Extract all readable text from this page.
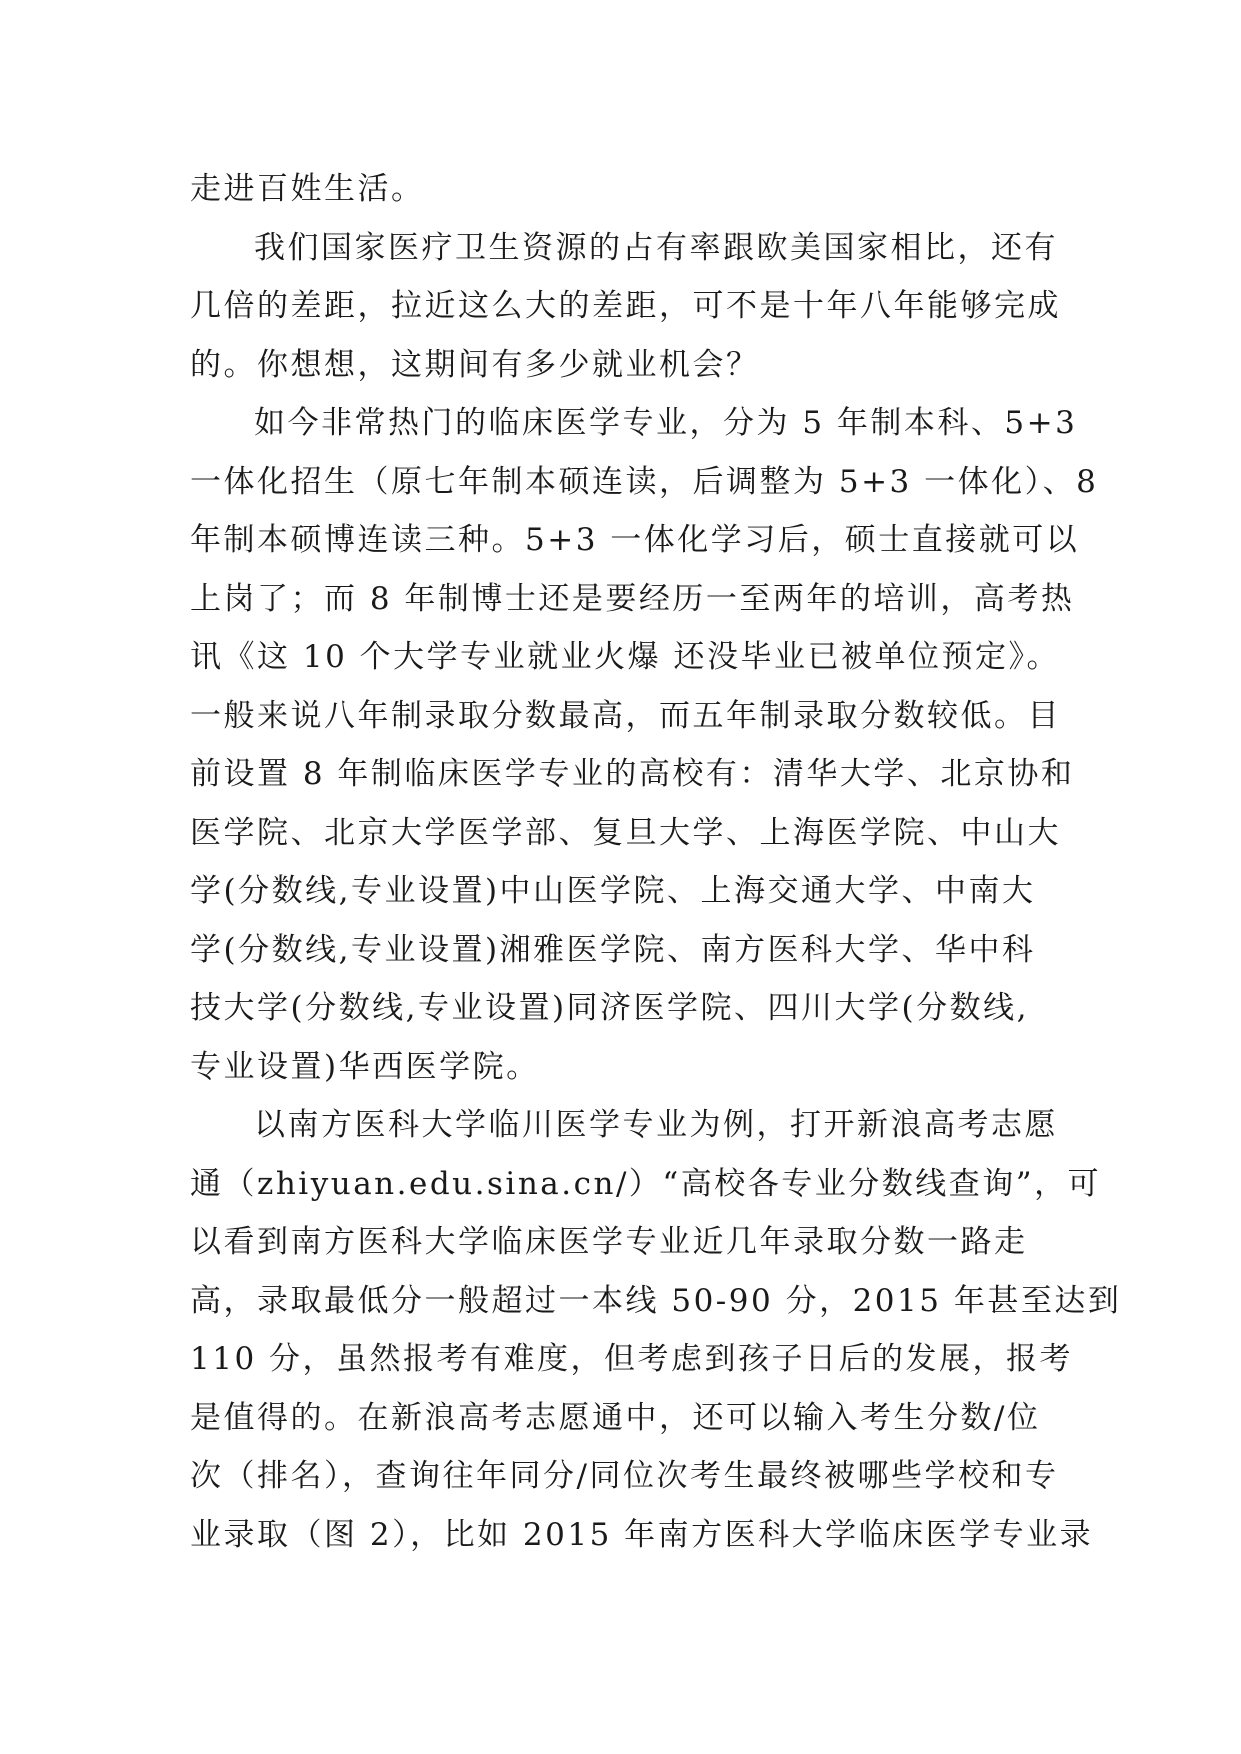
走进百姓生活。
我们国家医疗卫生资源的占有率跟欧美国家相比，还有
几倍的差距，拉近这么大的差距，可不是十年八年能够完成
的。你想想，这期间有多少就业机会？
如今非常热门的临床医学专业，分为 5 年制本科、5+3
一体化招生（原七年制本硕连读，后调整为 5+3 一体化）、8
年制本硕博连读三种。5+3 一体化学习后，硕士直接就可以
上岗了；而 8 年制博士还是要经历一至两年的培训，高考热
讯《这 10 个大学专业就业火爆 还没毕业已被单位预定》。
一般来说八年制录取分数最高，而五年制录取分数较低。目
前设置 8 年制临床医学专业的高校有：清华大学、北京协和
医学院、北京大学医学部、复旦大学、上海医学院、中山大
学(分数线,专业设置)中山医学院、上海交通大学、中南大
学(分数线,专业设置)湘雅医学院、南方医科大学、华中科
技大学(分数线,专业设置)同济医学院、四川大学(分数线,
专业设置)华西医学院。
以南方医科大学临川医学专业为例，打开新浪高考志愿
通（zhiyuan.edu.sina.cn/）“高校各专业分数线查询”，可
以看到南方医科大学临床医学专业近几年录取分数一路走
高，录取最低分一般超过一本线 50-90 分，2015 年甚至达到
110 分，虽然报考有难度，但考虑到孩子日后的发展，报考
是值得的。在新浪高考志愿通中，还可以输入考生分数/位
次（排名），查询往年同分/同位次考生最终被哪些学校和专
业录取（图 2），比如 2015 年南方医科大学临床医学专业录
